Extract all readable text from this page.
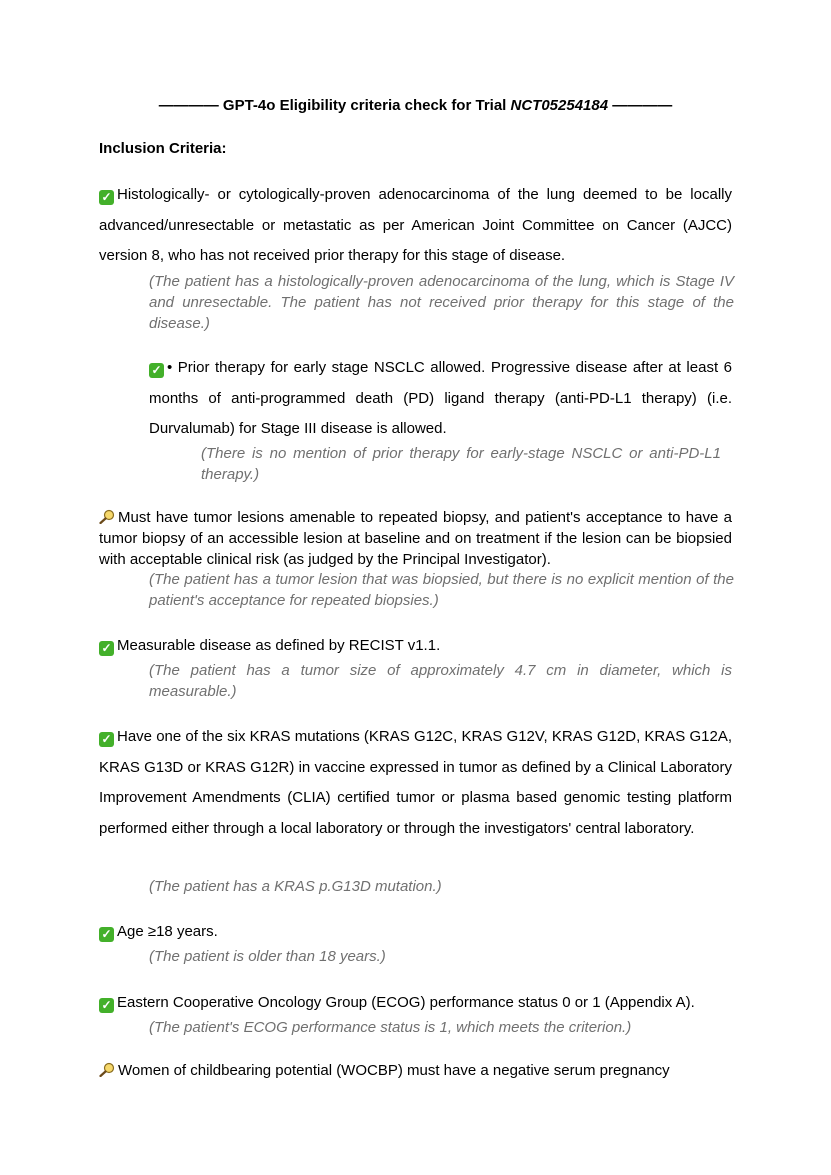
———— GPT-4o Eligibility criteria check for Trial NCT05254184 ————
Inclusion Criteria:
✓ Histologically- or cytologically-proven adenocarcinoma of the lung deemed to be locally advanced/unresectable or metastatic as per American Joint Committee on Cancer (AJCC) version 8, who has not received prior therapy for this stage of disease.
(The patient has a histologically-proven adenocarcinoma of the lung, which is Stage IV and unresectable. The patient has not received prior therapy for this stage of the disease.)
✓ • Prior therapy for early stage NSCLC allowed. Progressive disease after at least 6 months of anti-programmed death (PD) ligand therapy (anti-PD-L1 therapy) (i.e. Durvalumab) for Stage III disease is allowed.
(There is no mention of prior therapy for early-stage NSCLC or anti-PD-L1 therapy.)
Must have tumor lesions amenable to repeated biopsy, and patient's acceptance to have a tumor biopsy of an accessible lesion at baseline and on treatment if the lesion can be biopsied with acceptable clinical risk (as judged by the Principal Investigator).
(The patient has a tumor lesion that was biopsied, but there is no explicit mention of the patient's acceptance for repeated biopsies.)
✓ Measurable disease as defined by RECIST v1.1.
(The patient has a tumor size of approximately 4.7 cm in diameter, which is measurable.)
✓ Have one of the six KRAS mutations (KRAS G12C, KRAS G12V, KRAS G12D, KRAS G12A, KRAS G13D or KRAS G12R) in vaccine expressed in tumor as defined by a Clinical Laboratory Improvement Amendments (CLIA) certified tumor or plasma based genomic testing platform performed either through a local laboratory or through the investigators' central laboratory.
(The patient has a KRAS p.G13D mutation.)
✓ Age ≥18 years.
(The patient is older than 18 years.)
✓ Eastern Cooperative Oncology Group (ECOG) performance status 0 or 1 (Appendix A).
(The patient's ECOG performance status is 1, which meets the criterion.)
Women of childbearing potential (WOCBP) must have a negative serum pregnancy
